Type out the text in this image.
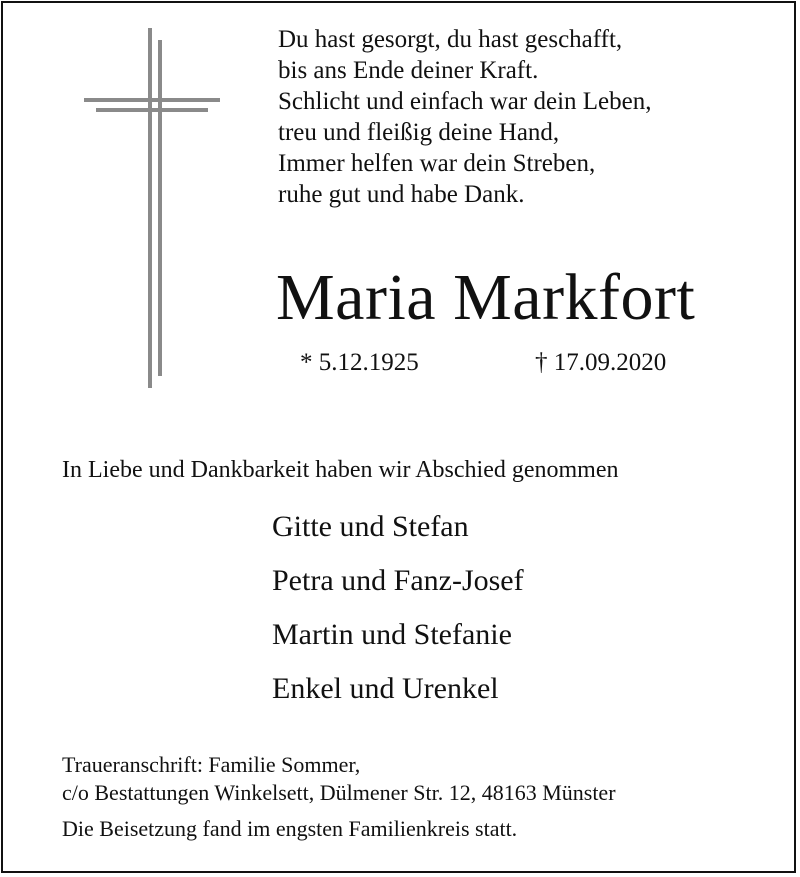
Du hast gesorgt, du hast geschafft,
bis ans Ende deiner Kraft.
Schlicht und einfach war dein Leben,
treu und fleißig deine Hand,
Immer helfen war dein Streben,
ruhe gut und habe Dank.
Maria Markfort
* 5.12.1925	† 17.09.2020
In Liebe und Dankbarkeit haben wir Abschied genommen
Gitte und Stefan
Petra und Fanz-Josef
Martin und Stefanie
Enkel und Urenkel
Traueranschrift: Familie Sommer,
c/o Bestattungen Winkelsett, Dülmener Str. 12, 48163 Münster
Die Beisetzung fand im engsten Familienkreis statt.
